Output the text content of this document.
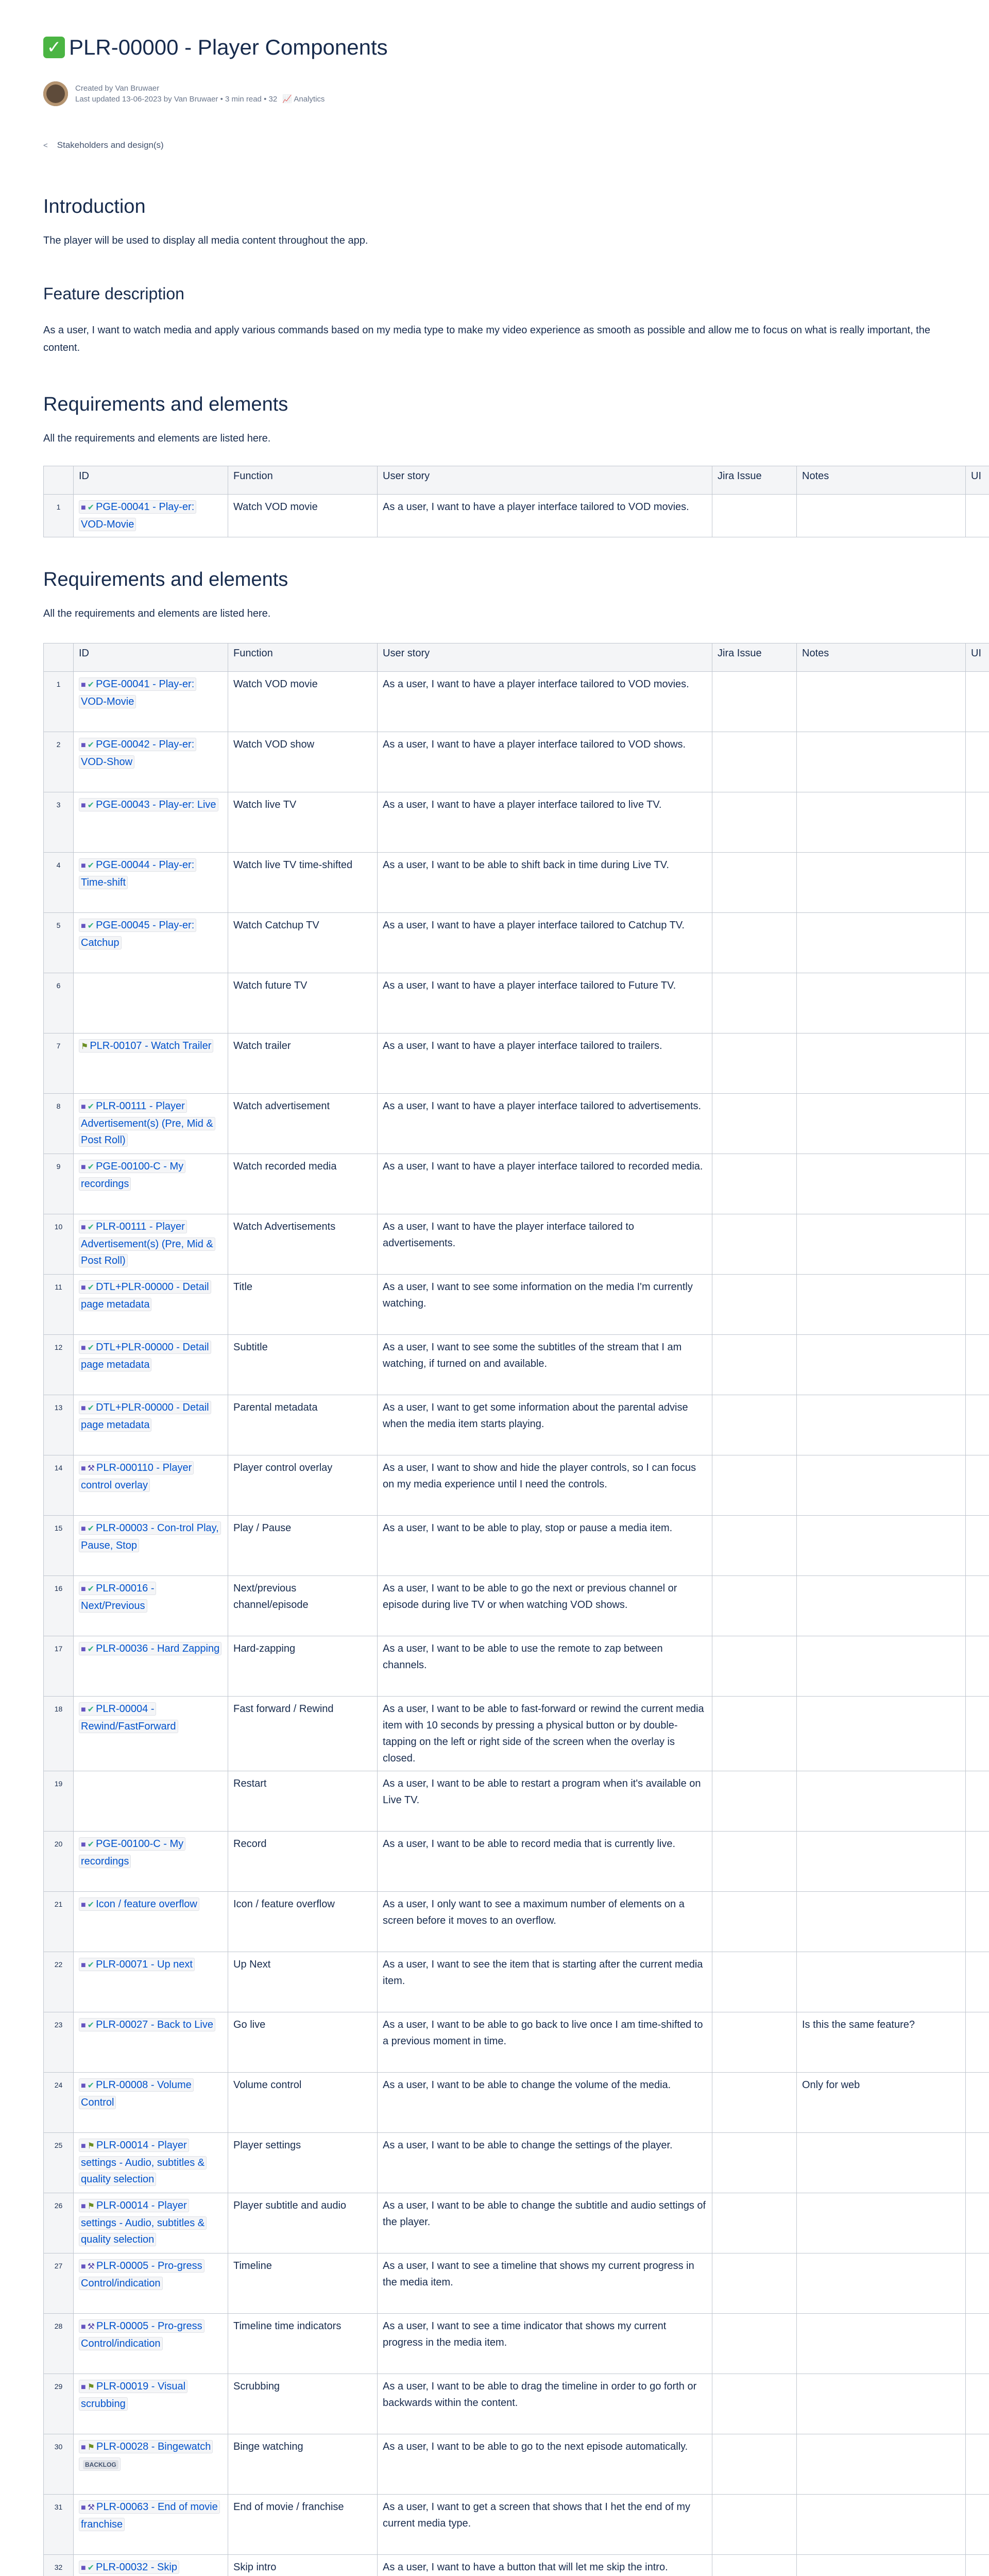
✓ PLR-00000 - Player Components
Created by Van Bruwaer
Last updated 13-06-2023 by Van Bruwaer • 3 min read • 32 📈 Analytics
< Stakeholders and design(s)
Introduction
The player will be used to display all media content throughout the app.
Feature description
As a user, I want to watch media and apply various commands based on my media type to make my video experience as smooth as possible and allow me to focus on what is really important, the content.
Requirements and elements
All the requirements and elements are listed here.
	ID	Function	User story	Jira Issue	Notes	UI
1	■ ✔ PGE-00041 - Play-er: VOD-Movie	Watch VOD movie	As a user, I want to have a player interface tailored to VOD movies.			
Requirements and elements
All the requirements and elements are listed here.
	ID	Function	User story	Jira Issue	Notes	UI
1	■ ✔ PGE-00041 - Play-er: VOD-Movie	Watch VOD movie	As a user, I want to have a player interface tailored to VOD movies.			
2	■ ✔ PGE-00042 - Play-er: VOD-Show	Watch VOD show	As a user, I want to have a player interface tailored to VOD shows.			
3	■ ✔ PGE-00043 - Play-er: Live	Watch live TV	As a user, I want to have a player interface tailored to live TV.			
4	■ ✔ PGE-00044 - Play-er: Time-shift	Watch live TV time-shifted	As a user, I want to be able to shift back in time during Live TV.			
5	■ ✔ PGE-00045 - Play-er: Catchup	Watch Catchup TV	As a user, I want to have a player interface tailored to Catchup TV.			
6		Watch future TV	As a user, I want to have a player interface tailored to Future TV.			
7	⚑ PLR-00107 - Watch Trailer	Watch trailer	As a user, I want to have a player interface tailored to trailers.			
8	■ ✔ PLR-00111 - Player Advertisement(s) (Pre, Mid & Post Roll)	Watch advertisement	As a user, I want to have a player interface tailored to advertisements.			
9	■ ✔ PGE-00100-C - My recordings	Watch recorded media	As a user, I want to have a player interface tailored to recorded media.			
10	■ ✔ PLR-00111 - Player Advertisement(s) (Pre, Mid & Post Roll)	Watch Advertisements	As a user, I want to have the player interface tailored to advertisements.			
11	■ ✔ DTL+PLR-00000 - Detail page metadata	Title	As a user, I want to see some information on the media I'm currently watching.			
12	■ ✔ DTL+PLR-00000 - Detail page metadata	Subtitle	As a user, I want to see some the subtitles of the stream that I am watching, if turned on and available.			
13	■ ✔ DTL+PLR-00000 - Detail page metadata	Parental metadata	As a user, I want to get some information about the parental advise when the media item starts playing.			
14	■ ⚒ PLR-000110 - Player control overlay	Player control overlay	As a user, I want to show and hide the player controls, so I can focus on my media experience until I need the controls.			
15	■ ✔ PLR-00003 - Con-trol Play, Pause, Stop	Play / Pause	As a user, I want to be able to play, stop or pause a media item.			
16	■ ✔ PLR-00016 - Next/Previous	Next/previous channel/episode	As a user, I want to be able to go the next or previous channel or episode during live TV or when watching VOD shows.			
17	■ ✔ PLR-00036 - Hard Zapping	Hard-zapping	As a user, I want to be able to use the remote to zap between channels.			
18	■ ✔ PLR-00004 - Rewind/FastForward	Fast forward / Rewind	As a user, I want to be able to fast-forward or rewind the current media item with 10 seconds by pressing a physical button or by double-tapping on the left or right side of the screen when the overlay is closed.			
19		Restart	As a user, I want to be able to restart a program when it's available on Live TV.			
20	■ ✔ PGE-00100-C - My recordings	Record	As a user, I want to be able to record media that is currently live.			
21	■ ✔ Icon / feature overflow	Icon / feature overflow	As a user, I only want to see a maximum number of elements on a screen before it moves to an overflow.			
22	■ ✔ PLR-00071 - Up next	Up Next	As a user, I want to see the item that is starting after the current media item.			
23	■ ✔ PLR-00027 - Back to Live	Go live	As a user, I want to be able to go back to live once I am time-shifted to a previous moment in time.		Is this the same feature?	
24	■ ✔ PLR-00008 - Volume Control	Volume control	As a user, I want to be able to change the volume of the media.		Only for web	
25	■ ⚑ PLR-00014 - Player settings - Audio, subtitles & quality selection	Player settings	As a user, I want to be able to change the settings of the player.			
26	■ ⚑ PLR-00014 - Player settings - Audio, subtitles & quality selection	Player subtitle and audio	As a user, I want to be able to change the subtitle and audio settings of the player.			
27	■ ⚒ PLR-00005 - Pro-gress Control/indication	Timeline	As a user, I want to see a timeline that shows my current progress in the media item.			
28	■ ⚒ PLR-00005 - Pro-gress Control/indication	Timeline time indicators	As a user, I want to see a time indicator that shows my current progress in the media item.			
29	■ ⚑ PLR-00019 - Visual scrubbing	Scrubbing	As a user, I want to be able to drag the timeline in order to go forth or backwards within the content.			
30	■ ⚑ PLR-00028 - BingewatchBACKLOG	Binge watching	As a user, I want to be able to go to the next episode automatically.			
31	■ ⚒ PLR-00063 - End of movie franchise	End of movie / franchise	As a user, I want to get a screen that shows that I het the end of my current media type.			
32	■ ✔ PLR-00032 - Skip	Skip intro	As a user, I want to have a button that will let me skip the intro.			
